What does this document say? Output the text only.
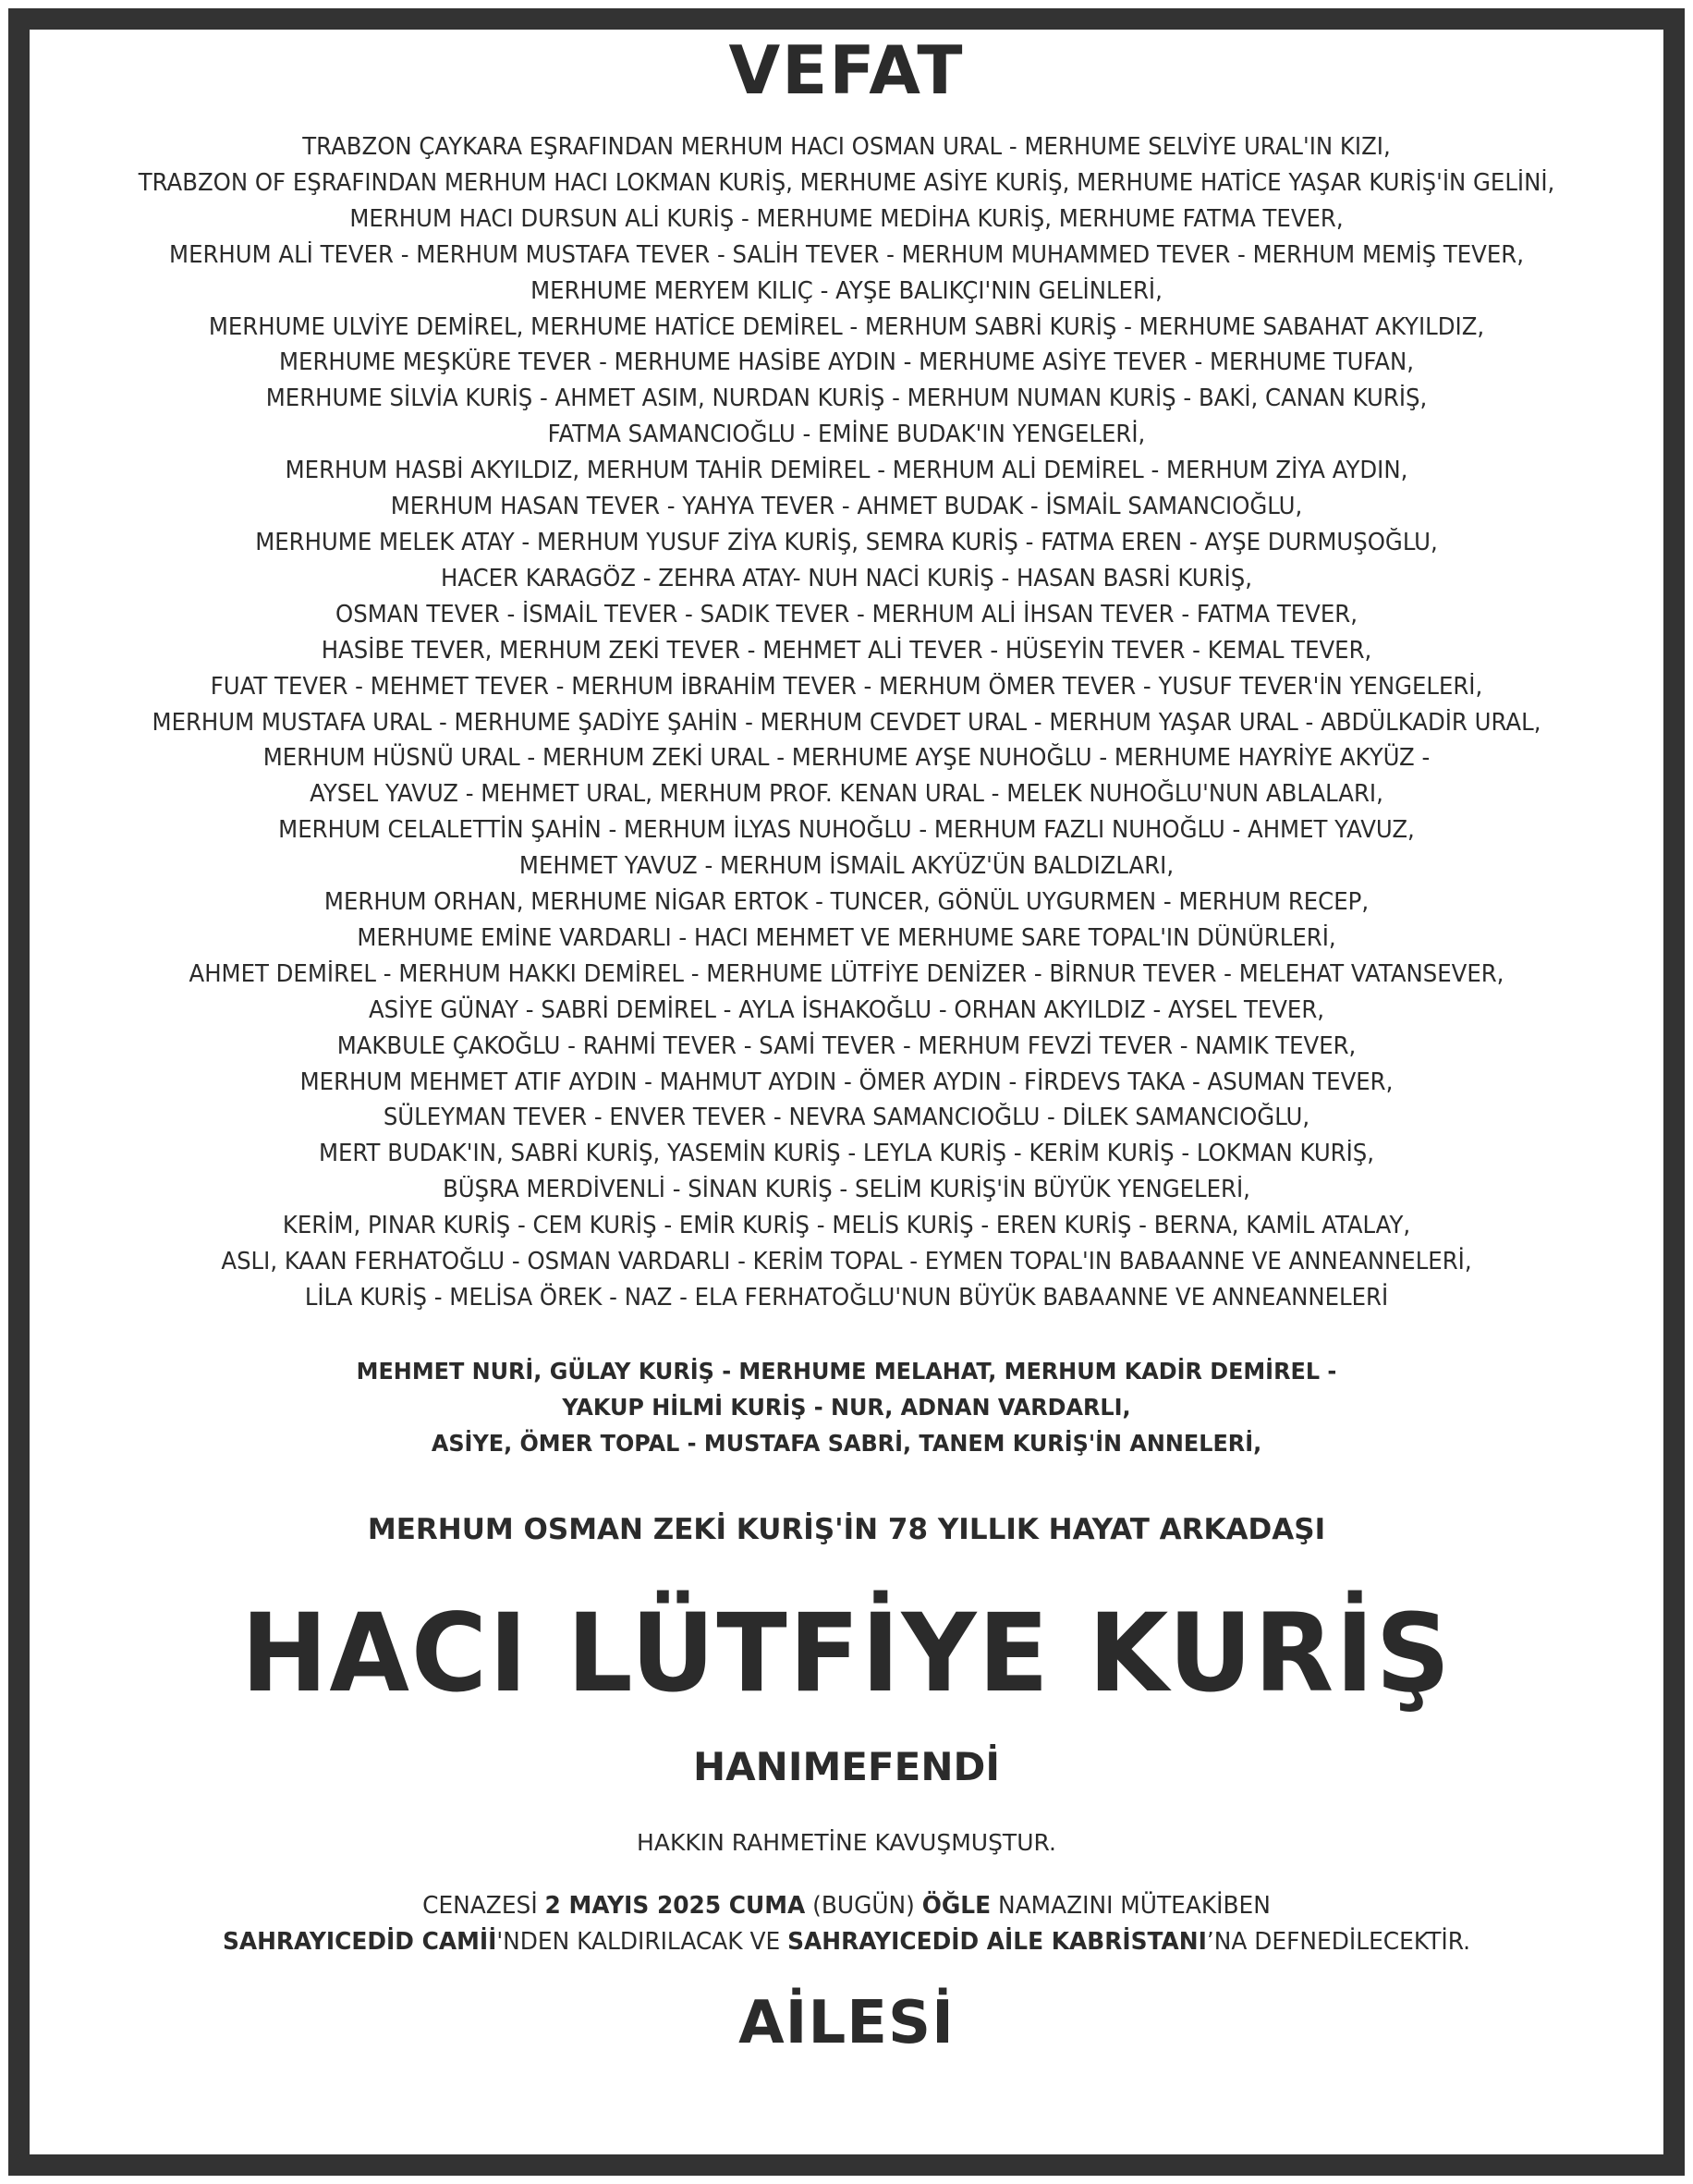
VEFAT
TRABZON ÇAYKARA EŞRAFINDAN MERHUM HACI OSMAN URAL - MERHUME SELVİYE URAL'IN KIZI,
TRABZON OF EŞRAFINDAN MERHUM HACI LOKMAN KURİŞ, MERHUME ASİYE KURİŞ, MERHUME HATİCE YAŞAR KURİŞ'İN GELİNİ,
MERHUM HACI DURSUN ALİ KURİŞ - MERHUME MEDİHA KURİŞ, MERHUME FATMA TEVER,
MERHUM ALİ TEVER - MERHUM MUSTAFA TEVER - SALİH TEVER - MERHUM MUHAMMED TEVER - MERHUM MEMİŞ TEVER,
MERHUME MERYEM KILIÇ - AYŞE BALIKÇI'NIN GELİNLERİ,
MERHUME ULVİYE DEMİREL, MERHUME HATİCE DEMİREL - MERHUM SABRİ KURİŞ - MERHUME SABAHAT AKYILDIZ,
MERHUME MEŞKÜRE TEVER - MERHUME HASİBE AYDIN - MERHUME ASİYE TEVER - MERHUME TUFAN,
MERHUME SİLVİA KURİŞ - AHMET ASIM, NURDAN KURİŞ - MERHUM NUMAN KURİŞ - BAKİ, CANAN KURİŞ,
FATMA SAMANCIOĞLU - EMİNE BUDAK'IN YENGELERİ,
MERHUM HASBİ AKYILDIZ, MERHUM TAHİR DEMİREL - MERHUM ALİ DEMİREL - MERHUM ZİYA AYDIN,
MERHUM HASAN TEVER - YAHYA TEVER - AHMET BUDAK - İSMAİL SAMANCIOĞLU,
MERHUME MELEK ATAY - MERHUM YUSUF ZİYA KURİŞ, SEMRA KURİŞ - FATMA EREN - AYŞE DURMUŞOĞLU,
HACER KARAGÖZ - ZEHRA ATAY- NUH NACİ KURİŞ - HASAN BASRİ KURİŞ,
OSMAN TEVER - İSMAİL TEVER - SADIK TEVER - MERHUM ALİ İHSAN TEVER - FATMA TEVER,
HASİBE TEVER, MERHUM ZEKİ TEVER - MEHMET ALİ TEVER - HÜSEYİN TEVER - KEMAL TEVER,
FUAT TEVER - MEHMET TEVER - MERHUM İBRAHİM TEVER - MERHUM ÖMER TEVER - YUSUF TEVER'İN YENGELERİ,
MERHUM MUSTAFA URAL - MERHUME ŞADİYE ŞAHİN - MERHUM CEVDET URAL - MERHUM YAŞAR URAL - ABDÜLKADİR URAL,
MERHUM HÜSNÜ URAL - MERHUM ZEKİ URAL - MERHUME AYŞE NUHOĞLU - MERHUME HAYRİYE AKYÜZ -
AYSEL YAVUZ - MEHMET URAL, MERHUM PROF. KENAN URAL - MELEK NUHOĞLU'NUN ABLALARI,
MERHUM CELALETTİN ŞAHİN - MERHUM İLYAS NUHOĞLU - MERHUM FAZLI NUHOĞLU - AHMET YAVUZ,
MEHMET YAVUZ - MERHUM İSMAİL AKYÜZ'ÜN BALDIZLARI,
MERHUM ORHAN, MERHUME NİGAR ERTOK - TUNCER, GÖNÜL UYGURMEN - MERHUM RECEP,
MERHUME EMİNE VARDARLI - HACI MEHMET VE MERHUME SARE TOPAL'IN DÜNÜRLERİ,
AHMET DEMİREL - MERHUM HAKKI DEMİREL - MERHUME LÜTFİYE DENİZER - BİRNUR TEVER - MELEHAT VATANSEVER,
ASİYE GÜNAY - SABRİ DEMİREL - AYLA İSHAKOĞLU - ORHAN AKYILDIZ - AYSEL TEVER,
MAKBULE ÇAKOĞLU - RAHMİ TEVER - SAMİ TEVER - MERHUM FEVZİ TEVER - NAMIK TEVER,
MERHUM MEHMET ATIF AYDIN - MAHMUT AYDIN - ÖMER AYDIN - FİRDEVS TAKA - ASUMAN TEVER,
SÜLEYMAN TEVER - ENVER TEVER - NEVRA SAMANCIOĞLU - DİLEK SAMANCIOĞLU,
MERT BUDAK'IN, SABRİ KURİŞ, YASEMİN KURİŞ - LEYLA KURİŞ - KERİM KURİŞ - LOKMAN KURİŞ,
BÜŞRA MERDİVENLİ - SİNAN KURİŞ - SELİM KURİŞ'İN BÜYÜK YENGELERİ,
KERİM, PINAR KURİŞ - CEM KURİŞ - EMİR KURİŞ - MELİS KURİŞ - EREN KURİŞ - BERNA, KAMİL ATALAY,
ASLI, KAAN FERHATOĞLU - OSMAN VARDARLI - KERİM TOPAL - EYMEN TOPAL'IN BABAANNE VE ANNEANNELERİ,
LİLA KURİŞ - MELİSA ÖREK - NAZ - ELA FERHATOĞLU'NUN BÜYÜK BABAANNE VE ANNEANNELERİ
MEHMET NURİ, GÜLAY KURİŞ - MERHUME MELAHAT, MERHUM KADİR DEMİREL -
YAKUP HİLMİ KURİŞ - NUR, ADNAN VARDARLI,
ASİYE, ÖMER TOPAL - MUSTAFA SABRİ, TANEM KURİŞ'İN ANNELERİ,
MERHUM OSMAN ZEKİ KURİŞ'İN 78 YILLIK HAYAT ARKADAŞI
HACI LÜTFİYE KURİŞ
HANIMEFENDİ
HAKKIN RAHMETİNE KAVUŞMUŞTUR.
CENAZESİ 2 MAYIS 2025 CUMA (BUGÜN) ÖĞLE NAMAZINI MÜTEAKİBEN
SAHRAYICEDİD CAMİİ'NDEN KALDIRILACAK VE SAHRAYICEDİD AİLE KABRİSTANI’NA DEFNEDİLECEKTİR.
AİLESİ
